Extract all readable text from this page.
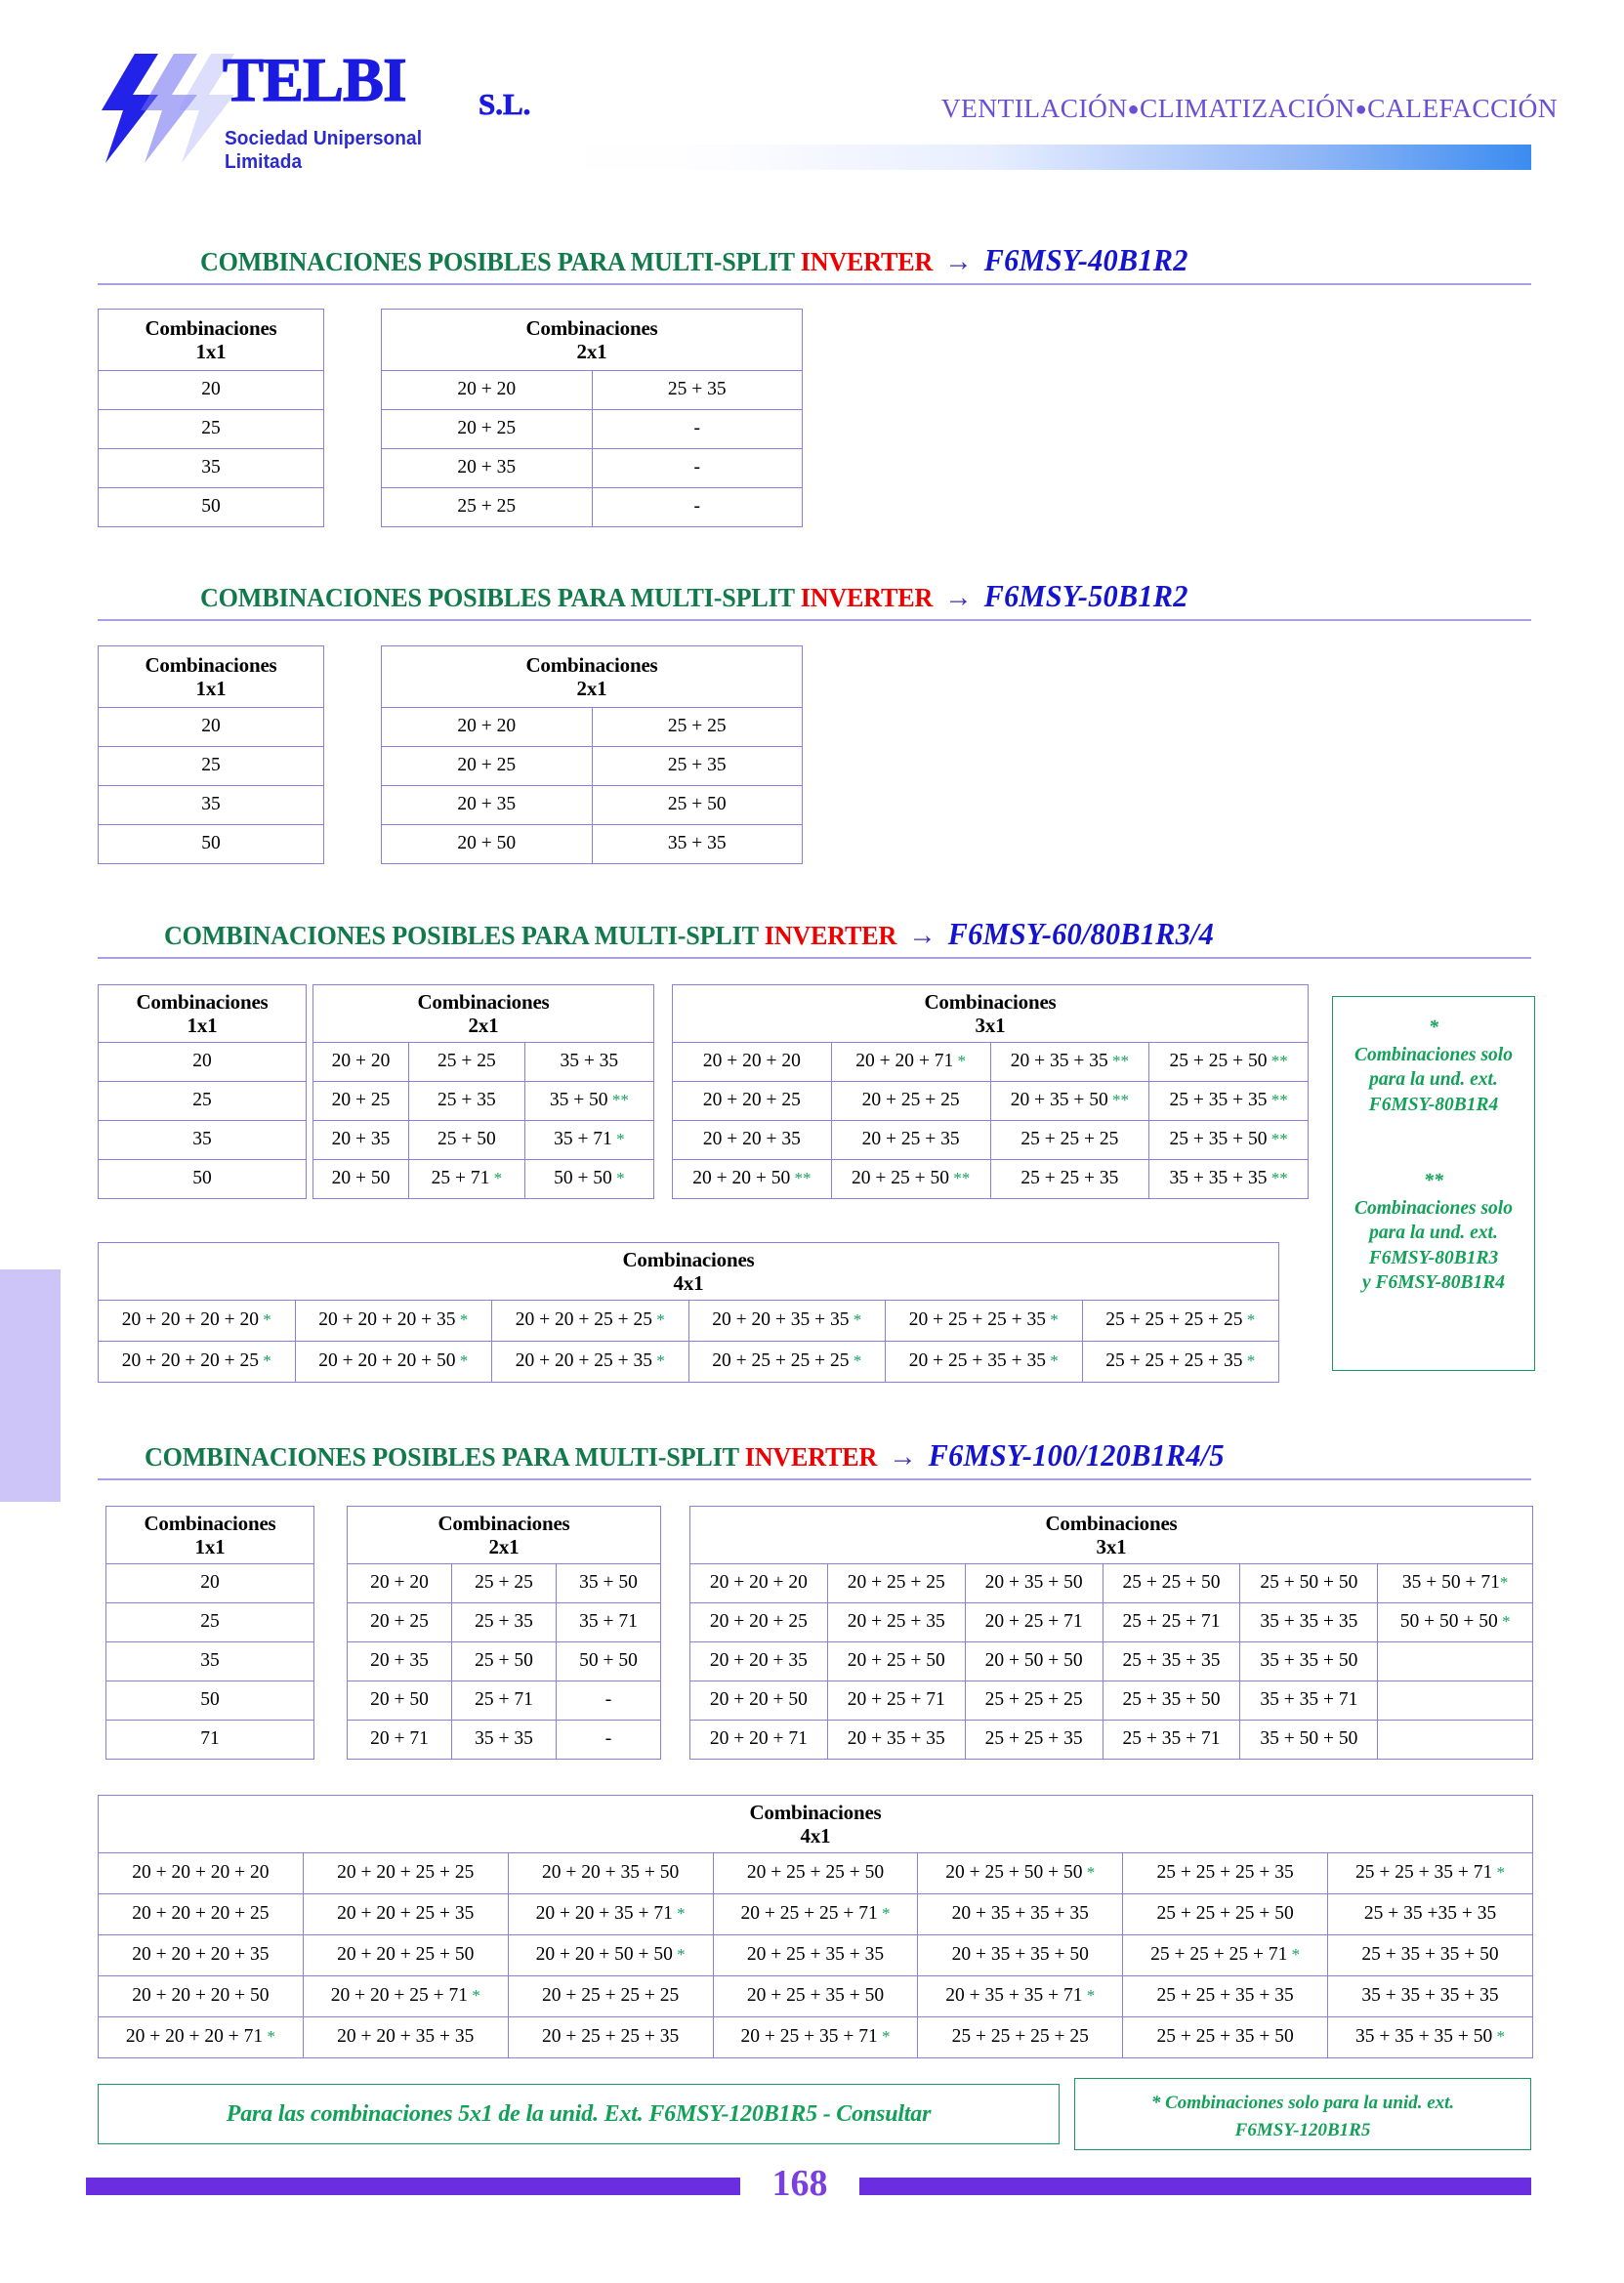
TELBI S.L.
Sociedad Unipersonal Limitada
VENTILACIÓN●CLIMATIZACIÓN●CALEFACCIÓN
COMBINACIONES POSIBLES PARA MULTI-SPLIT INVERTER → F6MSY-40B1R2
Combinaciones
1x1

20
25
35
50
Combinaciones
2x1	

20 + 20	25 + 35
20 + 25	-
20 + 35	-
25 + 25	-
COMBINACIONES POSIBLES PARA MULTI-SPLIT INVERTER → F6MSY-50B1R2
Combinaciones
1x1

20
25
35
50
Combinaciones
2x1	

20 + 20	25 + 25
20 + 25	25 + 35
20 + 35	25 + 50
20 + 50	35 + 35
COMBINACIONES POSIBLES PARA MULTI-SPLIT INVERTER → F6MSY-60/80B1R3/4
Combinaciones
1x1

20
25
35
50
Combinaciones
2x1		

20 + 20	25 + 25	35 + 35
20 + 25	25 + 35	35 + 50 **
20 + 35	25 + 50	35 + 71 *
20 + 50	25 + 71 *	50 + 50 *
Combinaciones
3x1			

20 + 20 + 20	20 + 20 + 71 *	20 + 35 + 35 **	25 + 25 + 50 **
20 + 20 + 25	20 + 25 + 25	20 + 35 + 50 **	25 + 35 + 35 **
20 + 20 + 35	20 + 25 + 35	25 + 25 + 25	25 + 35 + 50 **
20 + 20 + 50 **	20 + 25 + 50 **	25 + 25 + 35	35 + 35 + 35 **
*
Combinaciones solo
para la und. ext.
F6MSY-80B1R4
**
Combinaciones solo
para la und. ext.
F6MSY-80B1R3
y F6MSY-80B1R4
Combinaciones
4x1					

20 + 20 + 20 + 20 *	20 + 20 + 20 + 35 *	20 + 20 + 25 + 25 *	20 + 20 + 35 + 35 *	20 + 25 + 25 + 35 *	25 + 25 + 25 + 25 *
20 + 20 + 20 + 25 *	20 + 20 + 20 + 50 *	20 + 20 + 25 + 35 *	20 + 25 + 25 + 25 *	20 + 25 + 35 + 35 *	25 + 25 + 25 + 35 *
COMBINACIONES POSIBLES PARA MULTI-SPLIT INVERTER → F6MSY-100/120B1R4/5
Combinaciones
1x1

20
25
35
50
71
Combinaciones
2x1		

20 + 20	25 + 25	35 + 50
20 + 25	25 + 35	35 + 71
20 + 35	25 + 50	50 + 50
20 + 50	25 + 71	-
20 + 71	35 + 35	-
Combinaciones
3x1					

20 + 20 + 20	20 + 25 + 25	20 + 35 + 50	25 + 25 + 50	25 + 50 + 50	35 + 50 + 71*
20 + 20 + 25	20 + 25 + 35	20 + 25 + 71	25 + 25 + 71	35 + 35 + 35	50 + 50 + 50 *
20 + 20 + 35	20 + 25 + 50	20 + 50 + 50	25 + 35 + 35	35 + 35 + 50	
20 + 20 + 50	20 + 25 + 71	25 + 25 + 25	25 + 35 + 50	35 + 35 + 71	
20 + 20 + 71	20 + 35 + 35	25 + 25 + 35	25 + 35 + 71	35 + 50 + 50	
Combinaciones
4x1						

20 + 20 + 20 + 20	20 + 20 + 25 + 25	20 + 20 + 35 + 50	20 + 25 + 25 + 50	20 + 25 + 50 + 50 *	25 + 25 + 25 + 35	25 + 25 + 35 + 71 *
20 + 20 + 20 + 25	20 + 20 + 25 + 35	20 + 20 + 35 + 71 *	20 + 25 + 25 + 71 *	20 + 35 + 35 + 35	25 + 25 + 25 + 50	25 + 35 +35 + 35
20 + 20 + 20 + 35	20 + 20 + 25 + 50	20 + 20 + 50 + 50 *	20 + 25 + 35 + 35	20 + 35 + 35 + 50	25 + 25 + 25 + 71 *	25 + 35 + 35 + 50
20 + 20 + 20 + 50	20 + 20 + 25 + 71 *	20 + 25 + 25 + 25	20 + 25 + 35 + 50	20 + 35 + 35 + 71 *	25 + 25 + 35 + 35	35 + 35 + 35 + 35
20 + 20 + 20 + 71 *	20 + 20 + 35 + 35	20 + 25 + 25 + 35	20 + 25 + 35 + 71 *	25 + 25 + 25 + 25	25 + 25 + 35 + 50	35 + 35 + 35 + 50 *
Para las combinaciones 5x1 de la unid. Ext. F6MSY-120B1R5 - Consultar	* Combinaciones solo para la unid. ext.
F6MSY-120B1R5
168
